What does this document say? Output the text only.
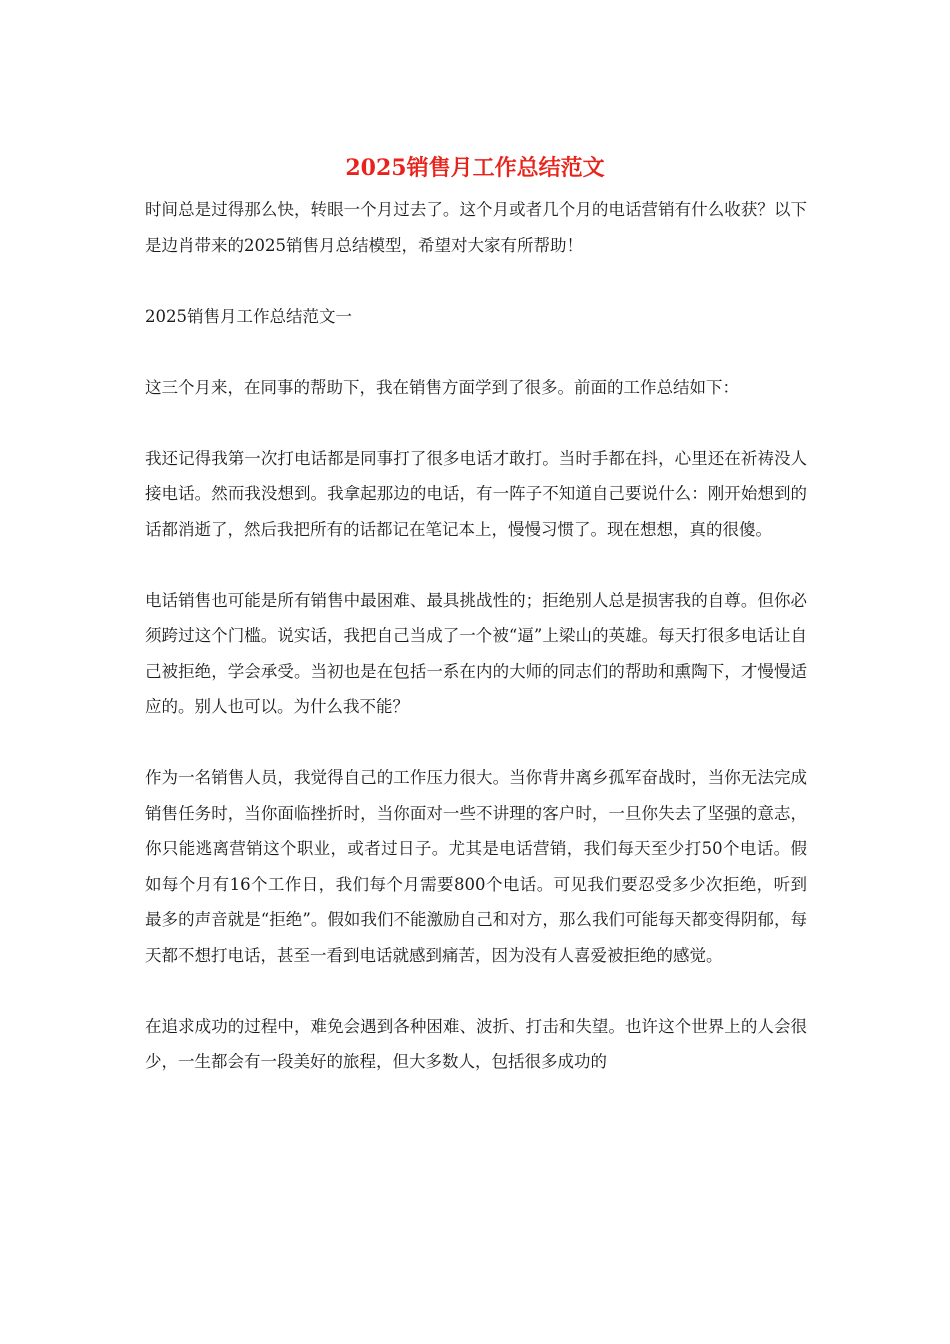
2025销售月工作总结范文

时间总是过得那么快，转眼一个月过去了。这个月或者几个月的电话营销有什么收获？以下是边肖带来的2025销售月总结模型，希望对大家有所帮助！

2025销售月工作总结范文一

这三个月来，在同事的帮助下，我在销售方面学到了很多。前面的工作总结如下：

我还记得我第一次打电话都是同事打了很多电话才敢打。当时手都在抖，心里还在祈祷没人接电话。然而我没想到。我拿起那边的电话，有一阵子不知道自己要说什么：刚开始想到的话都消逝了，然后我把所有的话都记在笔记本上，慢慢习惯了。现在想想，真的很傻。

电话销售也可能是所有销售中最困难、最具挑战性的；拒绝别人总是损害我的自尊。但你必须跨过这个门槛。说实话，我把自己当成了一个被“逼”上梁山的英雄。每天打很多电话让自己被拒绝，学会承受。当初也是在包括一系在内的大师的同志们的帮助和熏陶下，才慢慢适应的。别人也可以。为什么我不能？

作为一名销售人员，我觉得自己的工作压力很大。当你背井离乡孤军奋战时，当你无法完成销售任务时，当你面临挫折时，当你面对一些不讲理的客户时，一旦你失去了坚强的意志，你只能逃离营销这个职业，或者过日子。尤其是电话营销，我们每天至少打50个电话。假如每个月有16个工作日，我们每个月需要800个电话。可见我们要忍受多少次拒绝，听到最多的声音就是“拒绝”。假如我们不能激励自己和对方，那么我们可能每天都变得阴郁，每天都不想打电话，甚至一看到电话就感到痛苦，因为没有人喜爱被拒绝的感觉。

在追求成功的过程中，难免会遇到各种困难、波折、打击和失望。也许这个世界上的人会很少，一生都会有一段美好的旅程，但大多数人，包括很多成功的
